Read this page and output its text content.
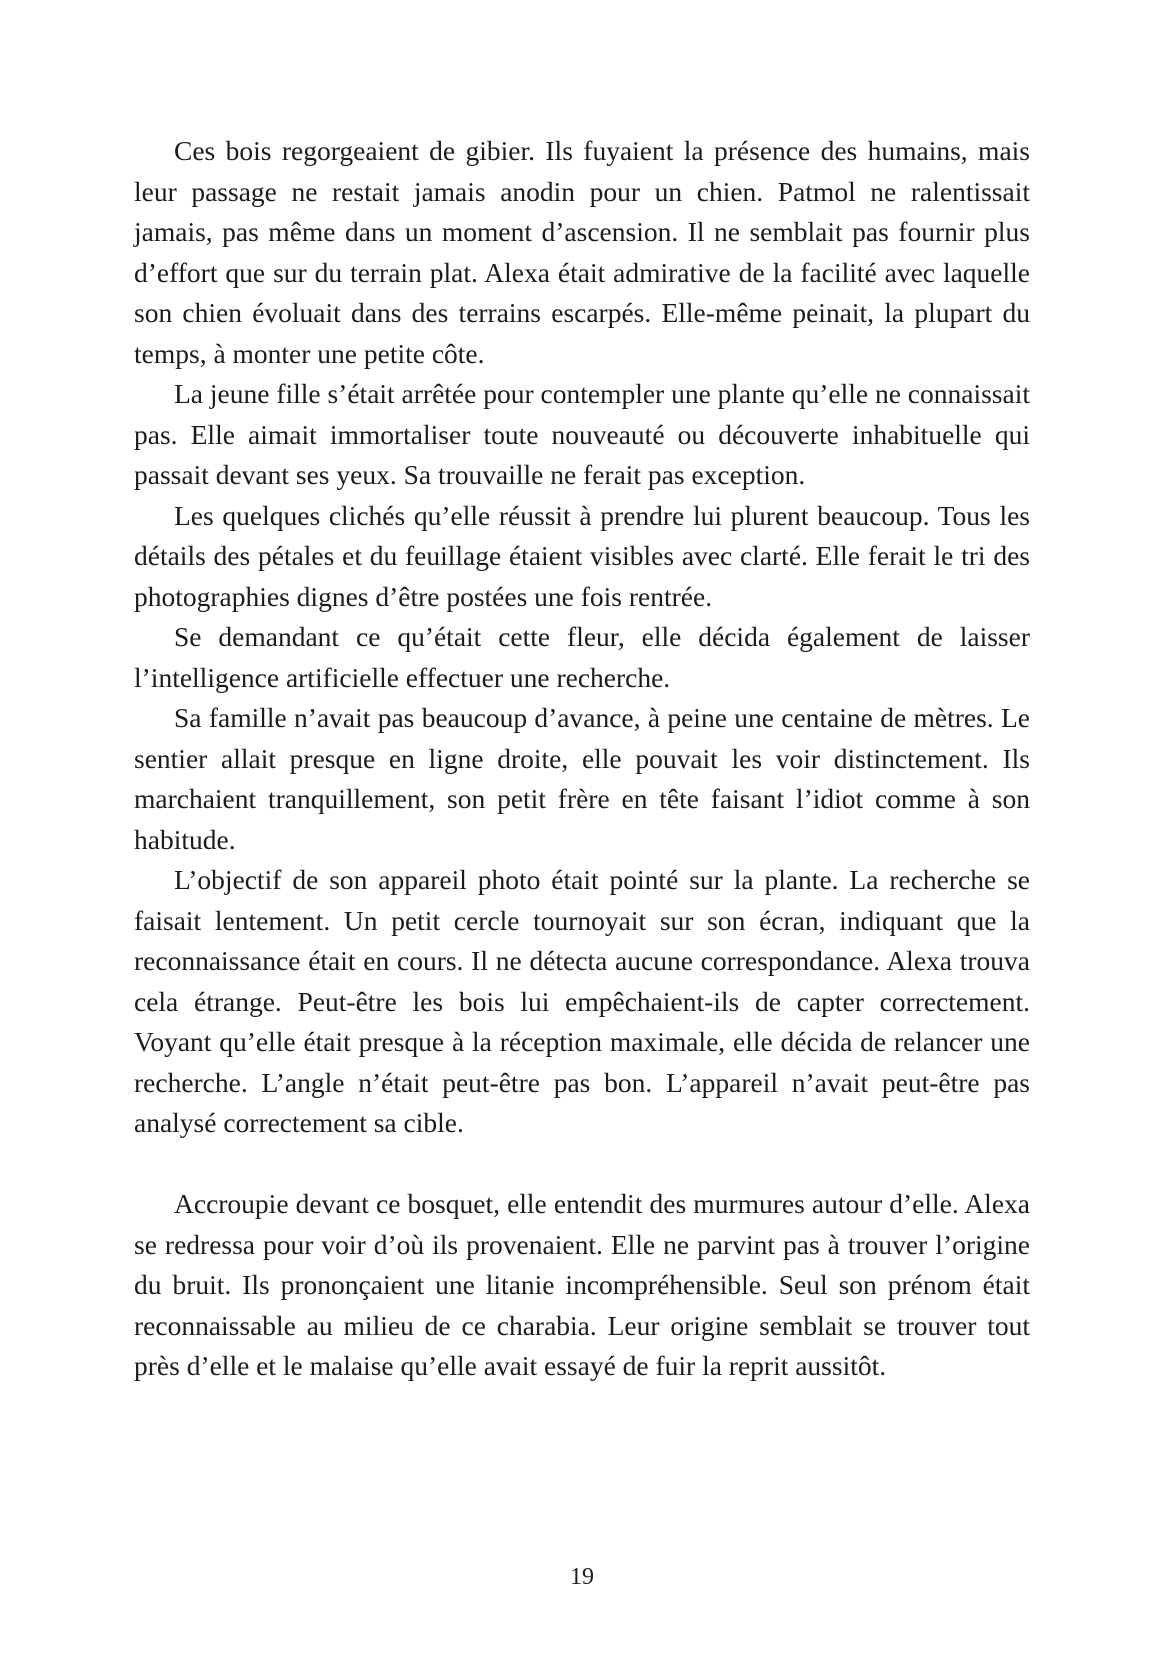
Ces bois regorgeaient de gibier. Ils fuyaient la présence des humains, mais leur passage ne restait jamais anodin pour un chien. Patmol ne ralentissait jamais, pas même dans un moment d’ascension. Il ne semblait pas fournir plus d’effort que sur du terrain plat. Alexa était admirative de la facilité avec laquelle son chien évoluait dans des terrains escarpés. Elle-même peinait, la plupart du temps, à monter une petite côte.

La jeune fille s’était arrêtée pour contempler une plante qu’elle ne connaissait pas. Elle aimait immortaliser toute nouveauté ou découverte inhabituelle qui passait devant ses yeux. Sa trouvaille ne ferait pas exception.

Les quelques clichés qu’elle réussit à prendre lui plurent beaucoup. Tous les détails des pétales et du feuillage étaient visibles avec clarté. Elle ferait le tri des photographies dignes d’être postées une fois rentrée.

Se demandant ce qu’était cette fleur, elle décida également de laisser l’intelligence artificielle effectuer une recherche.

Sa famille n’avait pas beaucoup d’avance, à peine une centaine de mètres. Le sentier allait presque en ligne droite, elle pouvait les voir distinctement. Ils marchaient tranquillement, son petit frère en tête faisant l’idiot comme à son habitude.

L’objectif de son appareil photo était pointé sur la plante. La recherche se faisait lentement. Un petit cercle tournoyait sur son écran, indiquant que la reconnaissance était en cours. Il ne détecta aucune correspondance. Alexa trouva cela étrange. Peut-être les bois lui empêchaient-ils de capter correctement. Voyant qu’elle était presque à la réception maximale, elle décida de relancer une recherche. L’angle n’était peut-être pas bon. L’appareil n’avait peut-être pas analysé correctement sa cible.

Accroupie devant ce bosquet, elle entendit des murmures autour d’elle. Alexa se redressa pour voir d’où ils provenaient. Elle ne parvint pas à trouver l’origine du bruit. Ils prononçaient une litanie incompréhensible. Seul son prénom était reconnaissable au milieu de ce charabia. Leur origine semblait se trouver tout près d’elle et le malaise qu’elle avait essayé de fuir la reprit aussitôt.

19
